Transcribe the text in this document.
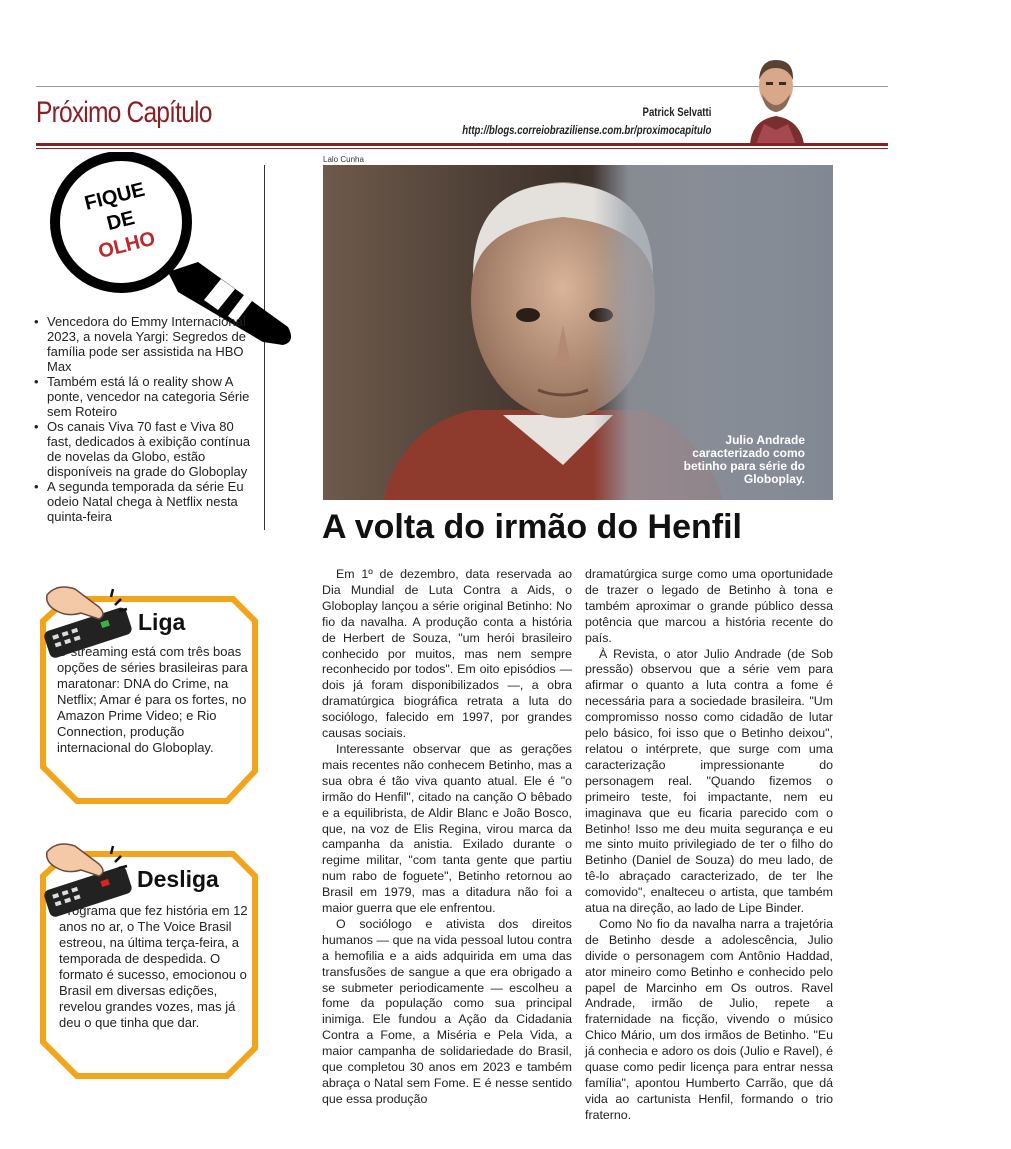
Próximo Capítulo	Patrick Selvatti
http://blogs.correiobraziliense.com.br/proximocapitulo
FIQUE
DE
OLHO
• Vencedora do Emmy Internacional 2023, a novela Yargi: Segredos de família pode ser assistida na HBO Max
• Também está lá o reality show A ponte, vencedor na categoria Série sem Roteiro
• Os canais Viva 70 fast e Viva 80 fast, dedicados à exibição contínua de novelas da Globo, estão disponíveis na grade do Globoplay
• A segunda temporada da série Eu odeio Natal chega à Netflix nesta quinta-feira
Liga

O streaming está com três boas opções de séries brasileiras para maratonar: DNA do Crime, na Netflix; Amar é para os fortes, no Amazon Prime Video; e Rio Connection, produção internacional do Globoplay.

Desliga

Programa que fez história em 12 anos no ar, o The Voice Brasil estreou, na última terça-feira, a temporada de despedida. O formato é sucesso, emocionou o Brasil em diversas edições, revelou grandes vozes, mas já deu o que tinha que dar.

Lalo Cunha
Julio Andrade caracterizado como betinho para série do Globoplay.
A volta do irmão do Henfil

Em 1º de dezembro, data reservada ao Dia Mundial de Luta Contra a Aids, o Globoplay lançou a série original Betinho: No fio da navalha. A produção conta a história de Herbert de Souza, "um herói brasileiro conhecido por muitos, mas nem sempre reconhecido por todos". Em oito episódios — dois já foram disponibilizados —, a obra dramatúrgica biográfica retrata a luta do sociólogo, falecido em 1997, por grandes causas sociais.

Interessante observar que as gerações mais recentes não conhecem Betinho, mas a sua obra é tão viva quanto atual. Ele é "o irmão do Henfil", citado na canção O bêbado e a equilibrista, de Aldir Blanc e João Bosco, que, na voz de Elis Regina, virou marca da campanha da anistia. Exilado durante o regime militar, "com tanta gente que partiu num rabo de foguete", Betinho retornou ao Brasil em 1979, mas a ditadura não foi a maior guerra que ele enfrentou.

O sociólogo e ativista dos direitos humanos — que na vida pessoal lutou contra a hemofilia e a aids adquirida em uma das transfusões de sangue a que era obrigado a se submeter periodicamente — escolheu a fome da população como sua principal inimiga. Ele fundou a Ação da Cidadania Contra a Fome, a Miséria e Pela Vida, a maior campanha de solidariedade do Brasil, que completou 30 anos em 2023 e também abraça o Natal sem Fome. E é nesse sentido que essa produção

dramatúrgica surge como uma oportunidade de trazer o legado de Betinho à tona e também aproximar o grande público dessa potência que marcou a história recente do país.

À Revista, o ator Julio Andrade (de Sob pressão) observou que a série vem para afirmar o quanto a luta contra a fome é necessária para a sociedade brasileira. "Um compromisso nosso como cidadão de lutar pelo básico, foi isso que o Betinho deixou", relatou o intérprete, que surge com uma caracterização impressionante do personagem real. "Quando fizemos o primeiro teste, foi impactante, nem eu imaginava que eu ficaria parecido com o Betinho! Isso me deu muita segurança e eu me sinto muito privilegiado de ter o filho do Betinho (Daniel de Souza) do meu lado, de tê-lo abraçado caracterizado, de ter lhe comovido", enalteceu o artista, que também atua na direção, ao lado de Lipe Binder.

Como No fio da navalha narra a trajetória de Betinho desde a adolescência, Julio divide o personagem com Antônio Haddad, ator mineiro como Betinho e conhecido pelo papel de Marcinho em Os outros. Ravel Andrade, irmão de Julio, repete a fraternidade na ficção, vivendo o músico Chico Mário, um dos irmãos de Betinho. "Eu já conhecia e adoro os dois (Julio e Ravel), é quase como pedir licença para entrar nessa família", apontou Humberto Carrão, que dá vida ao cartunista Henfil, formando o trio fraterno.
